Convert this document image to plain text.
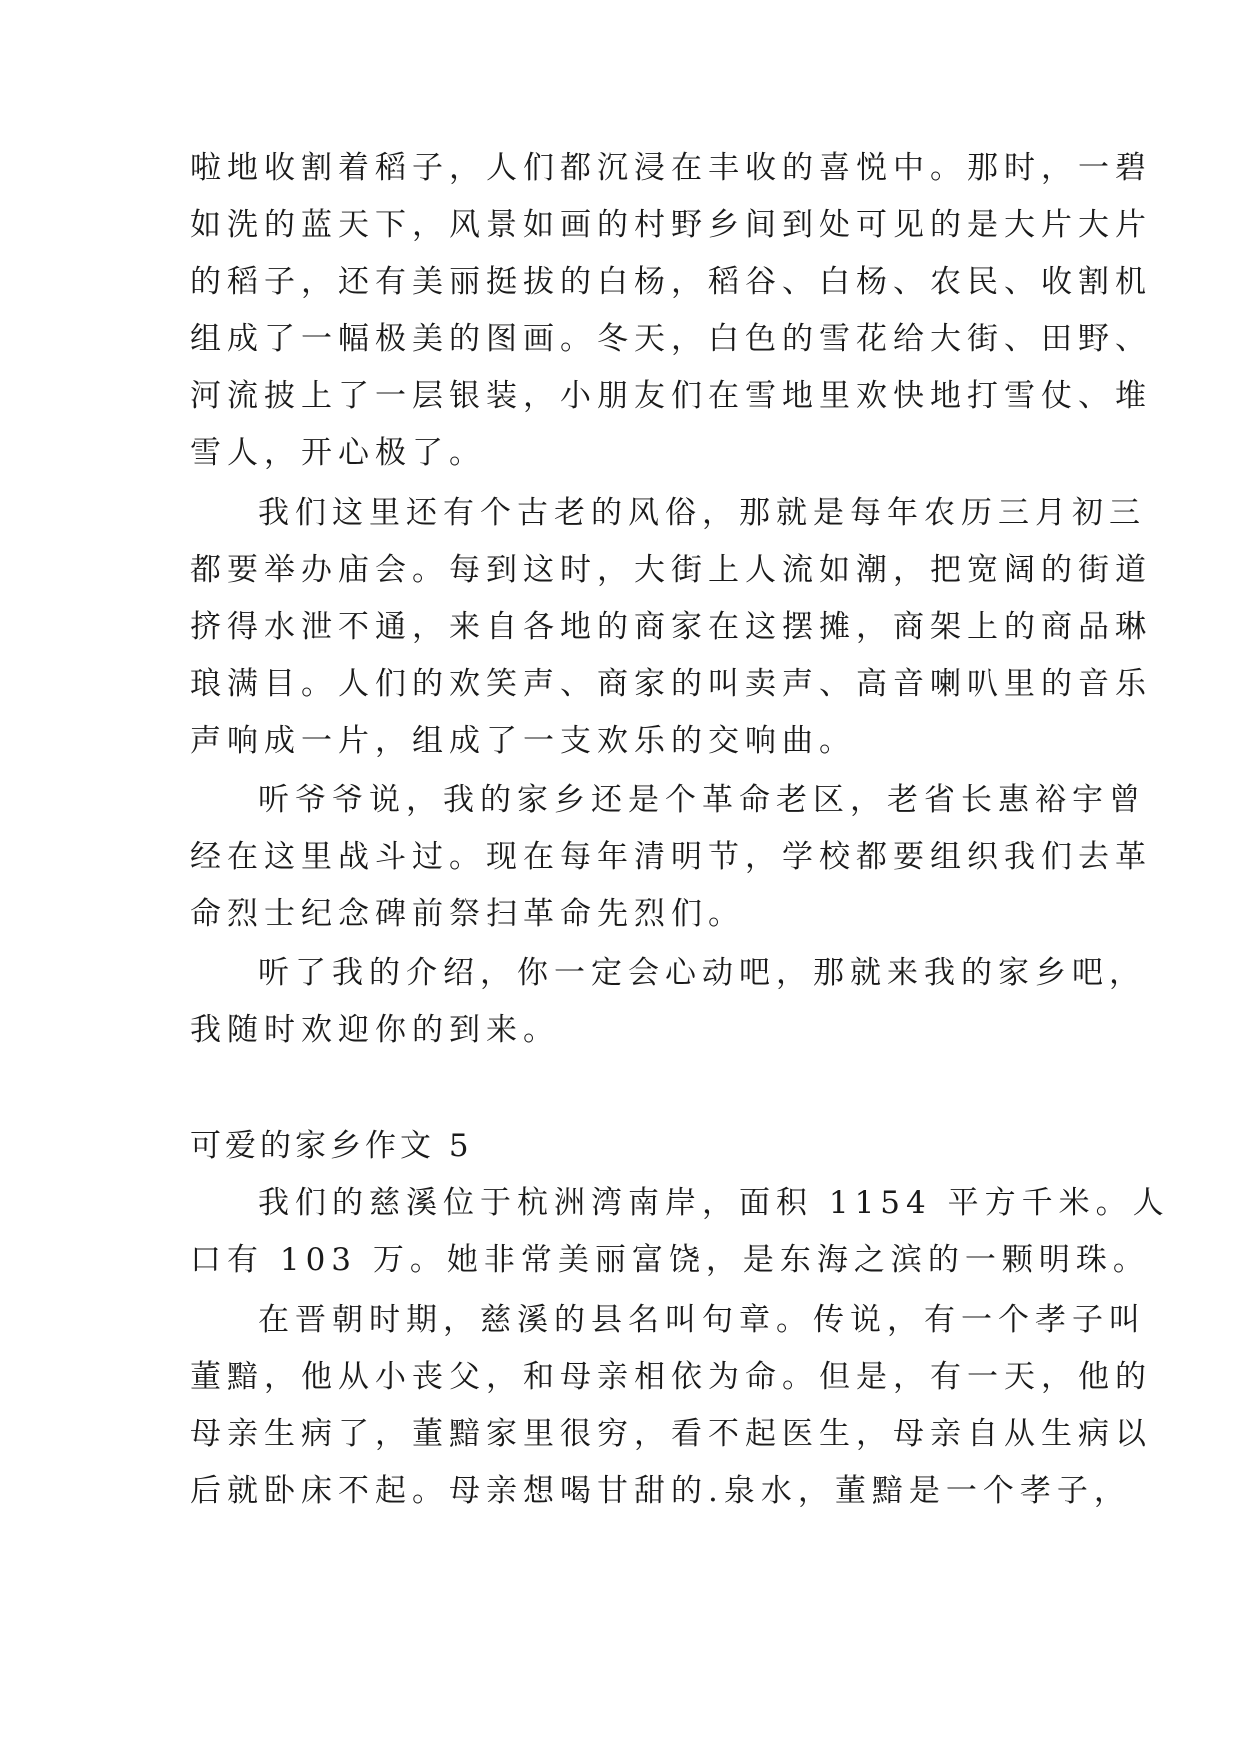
啦地收割着稻子，人们都沉浸在丰收的喜悦中。那时，一碧
如洗的蓝天下，风景如画的村野乡间到处可见的是大片大片
的稻子，还有美丽挺拔的白杨，稻谷、白杨、农民、收割机
组成了一幅极美的图画。冬天，白色的雪花给大街、田野、
河流披上了一层银装，小朋友们在雪地里欢快地打雪仗、堆
雪人，开心极了。
我们这里还有个古老的风俗，那就是每年农历三月初三
都要举办庙会。每到这时，大街上人流如潮，把宽阔的街道
挤得水泄不通，来自各地的商家在这摆摊，商架上的商品琳
琅满目。人们的欢笑声、商家的叫卖声、高音喇叭里的音乐
声响成一片，组成了一支欢乐的交响曲。
听爷爷说，我的家乡还是个革命老区，老省长惠裕宇曾
经在这里战斗过。现在每年清明节，学校都要组织我们去革
命烈士纪念碑前祭扫革命先烈们。
听了我的介绍，你一定会心动吧，那就来我的家乡吧，
我随时欢迎你的到来。
可爱的家乡作文 5
我们的慈溪位于杭洲湾南岸，面积 1154 平方千米。人
口有 103 万。她非常美丽富饶，是东海之滨的一颗明珠。
在晋朝时期，慈溪的县名叫句章。传说，有一个孝子叫
董黯，他从小丧父，和母亲相依为命。但是，有一天，他的
母亲生病了，董黯家里很穷，看不起医生，母亲自从生病以
后就卧床不起。母亲想喝甘甜的.泉水，董黯是一个孝子，
